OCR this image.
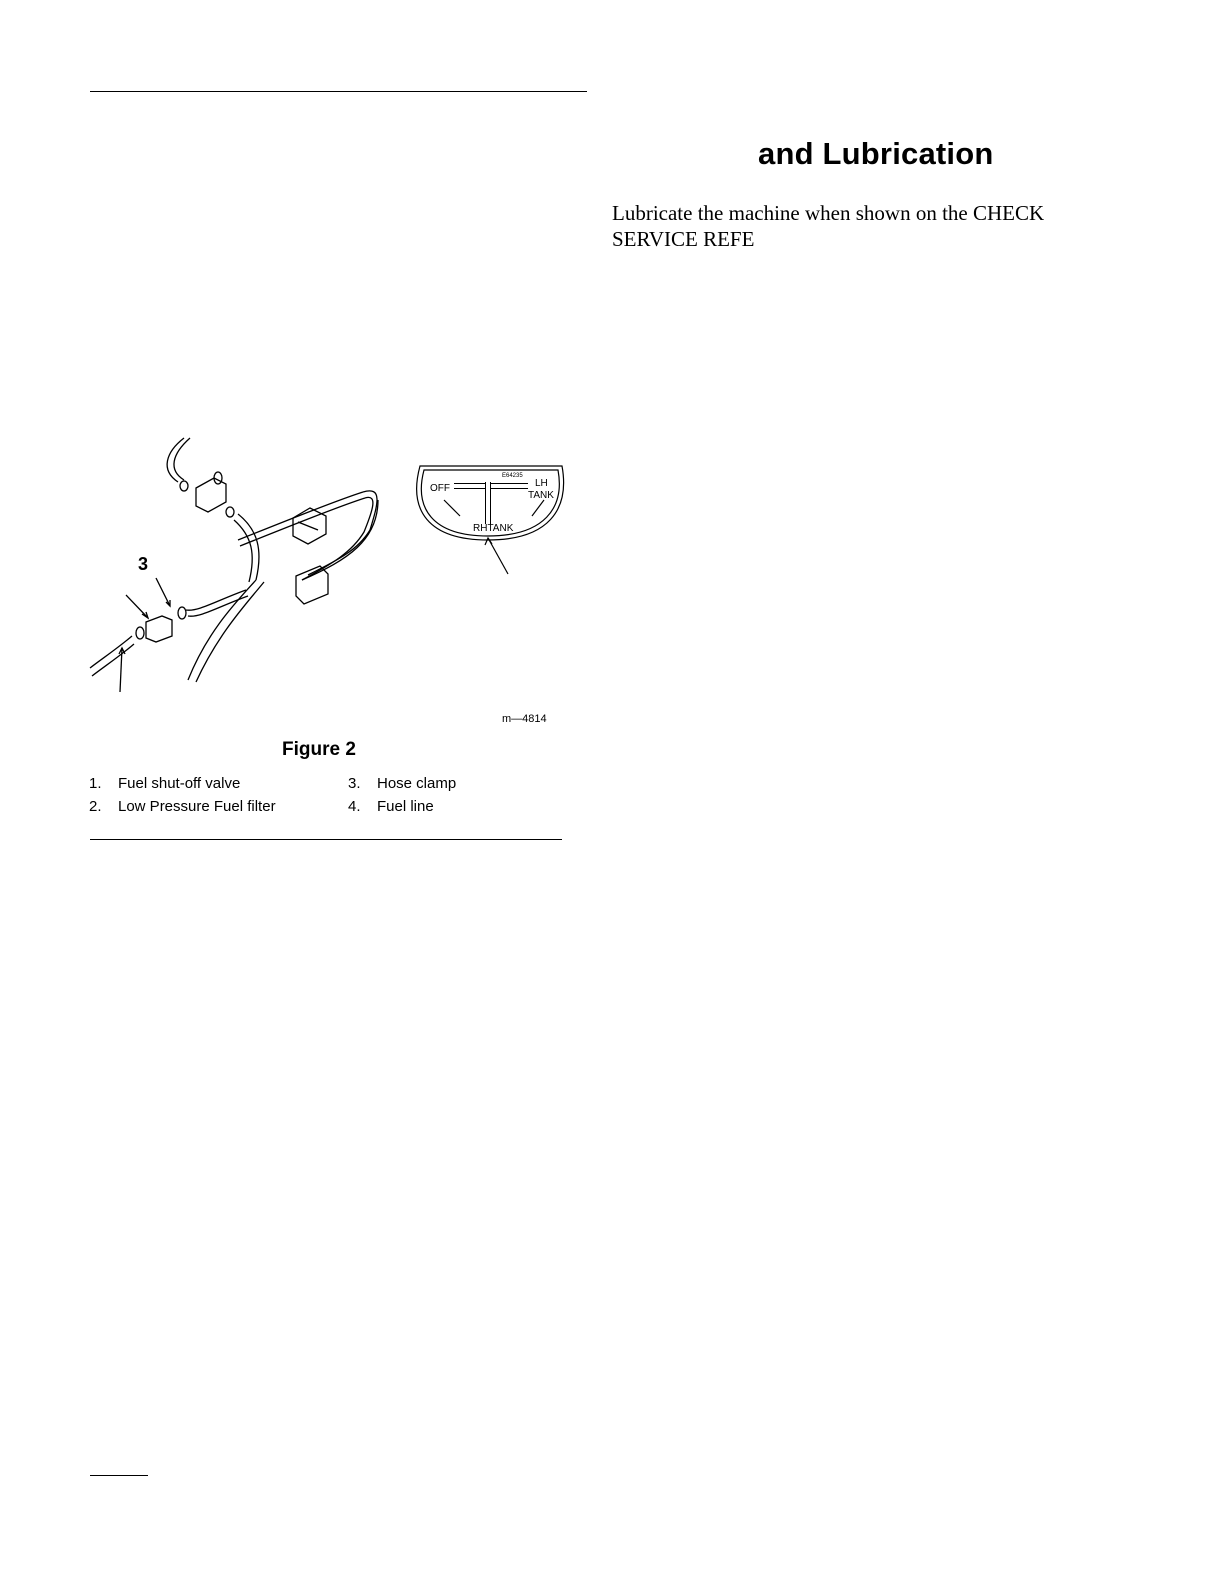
and Lubrication
Lubricate the machine when shown on the CHECK SERVICE REFE
3
E64235
OFF	LH
TANK
RHTANK
m—4814
Figure 2
1. Fuel shut-off valve
2. Low Pressure Fuel filter
3. Hose clamp
4. Fuel line
